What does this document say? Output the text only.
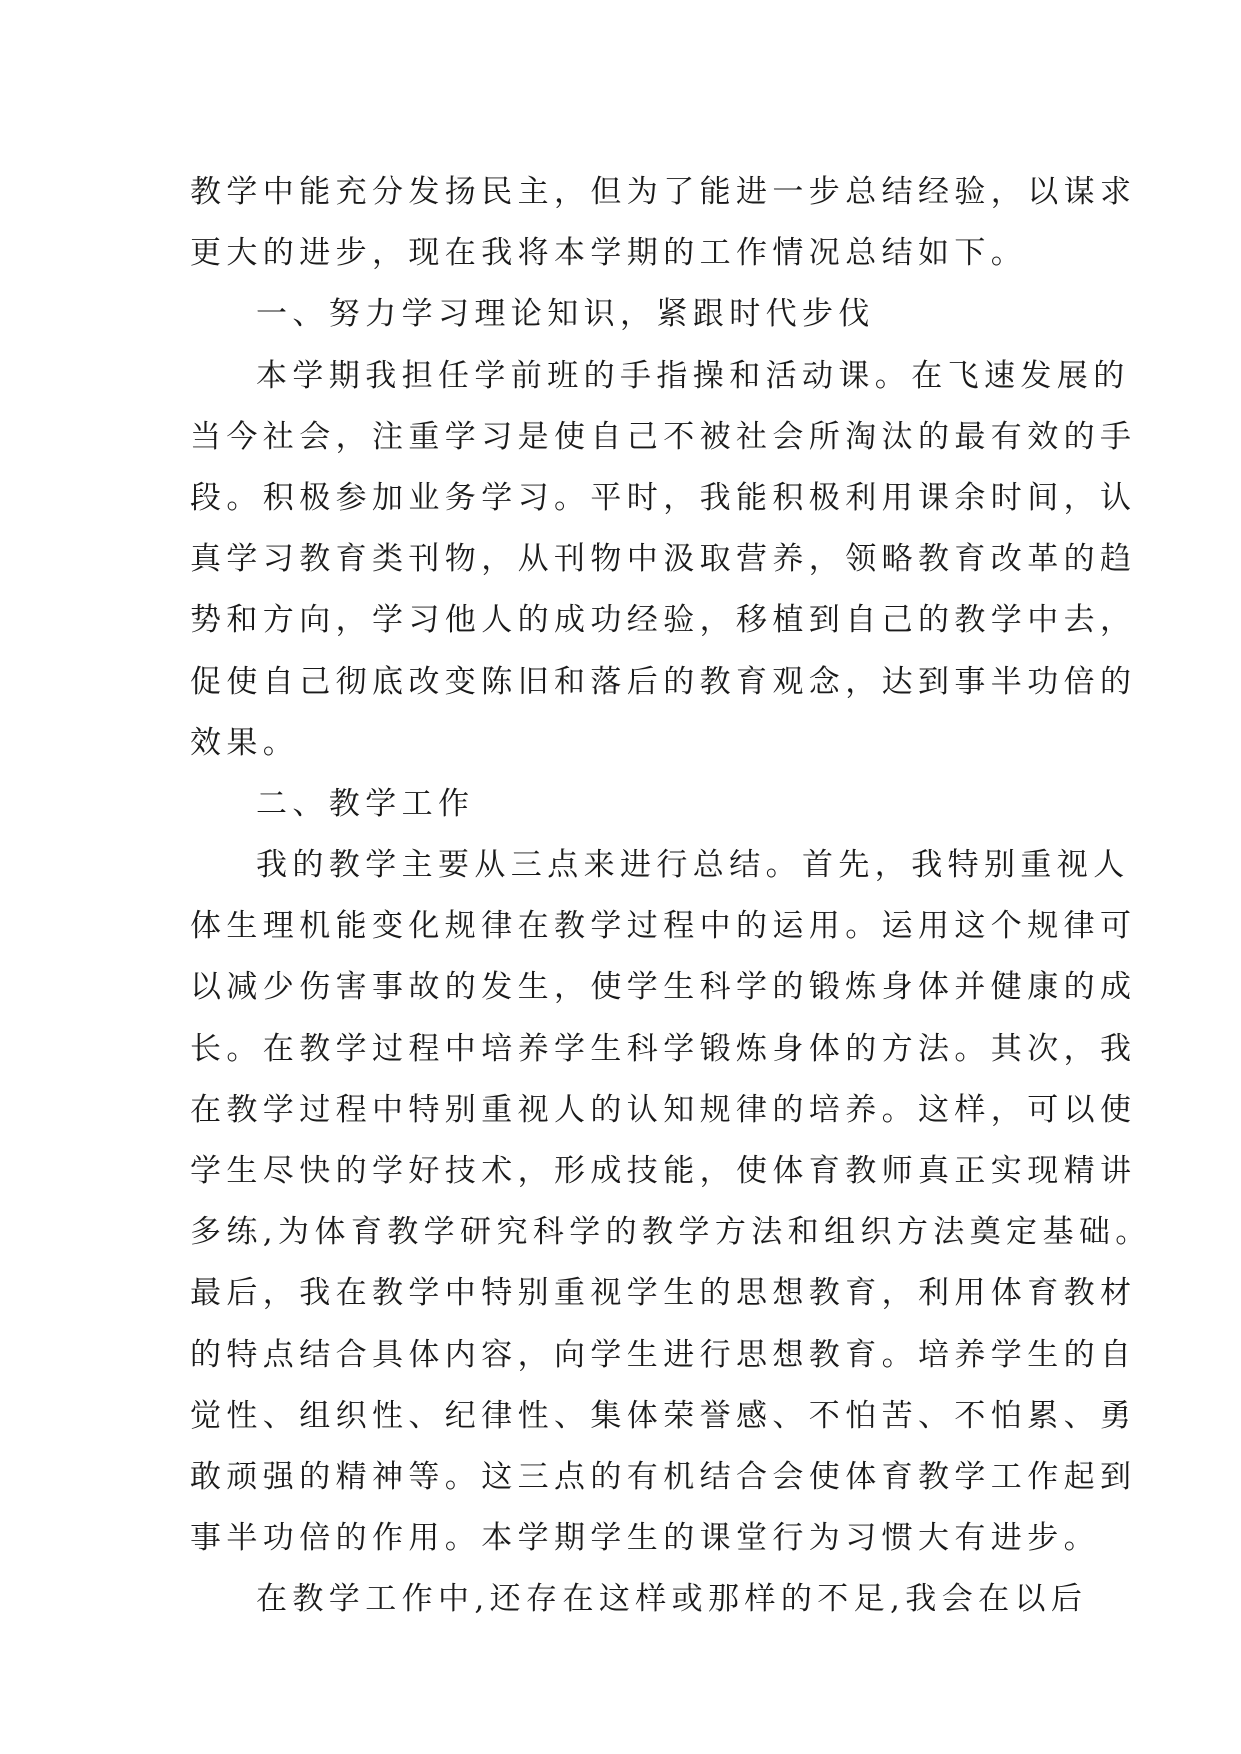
教学中能充分发扬民主，但为了能进一步总结经验，以谋求
更大的进步，现在我将本学期的工作情况总结如下。
一、努力学习理论知识，紧跟时代步伐
本学期我担任学前班的手指操和活动课。在飞速发展的
当今社会，注重学习是使自己不被社会所淘汰的最有效的手
段。积极参加业务学习。平时，我能积极利用课余时间，认
真学习教育类刊物，从刊物中汲取营养，领略教育改革的趋
势和方向，学习他人的成功经验，移植到自己的教学中去，
促使自己彻底改变陈旧和落后的教育观念，达到事半功倍的
效果。
二、教学工作
我的教学主要从三点来进行总结。首先，我特别重视人
体生理机能变化规律在教学过程中的运用。运用这个规律可
以减少伤害事故的发生，使学生科学的锻炼身体并健康的成
长。在教学过程中培养学生科学锻炼身体的方法。其次，我
在教学过程中特别重视人的认知规律的培养。这样，可以使
学生尽快的学好技术，形成技能，使体育教师真正实现精讲
多练,为体育教学研究科学的教学方法和组织方法奠定基础。
最后，我在教学中特别重视学生的思想教育，利用体育教材
的特点结合具体内容，向学生进行思想教育。培养学生的自
觉性、组织性、纪律性、集体荣誉感、不怕苦、不怕累、勇
敢顽强的精神等。这三点的有机结合会使体育教学工作起到
事半功倍的作用。本学期学生的课堂行为习惯大有进步。
在教学工作中,还存在这样或那样的不足,我会在以后
